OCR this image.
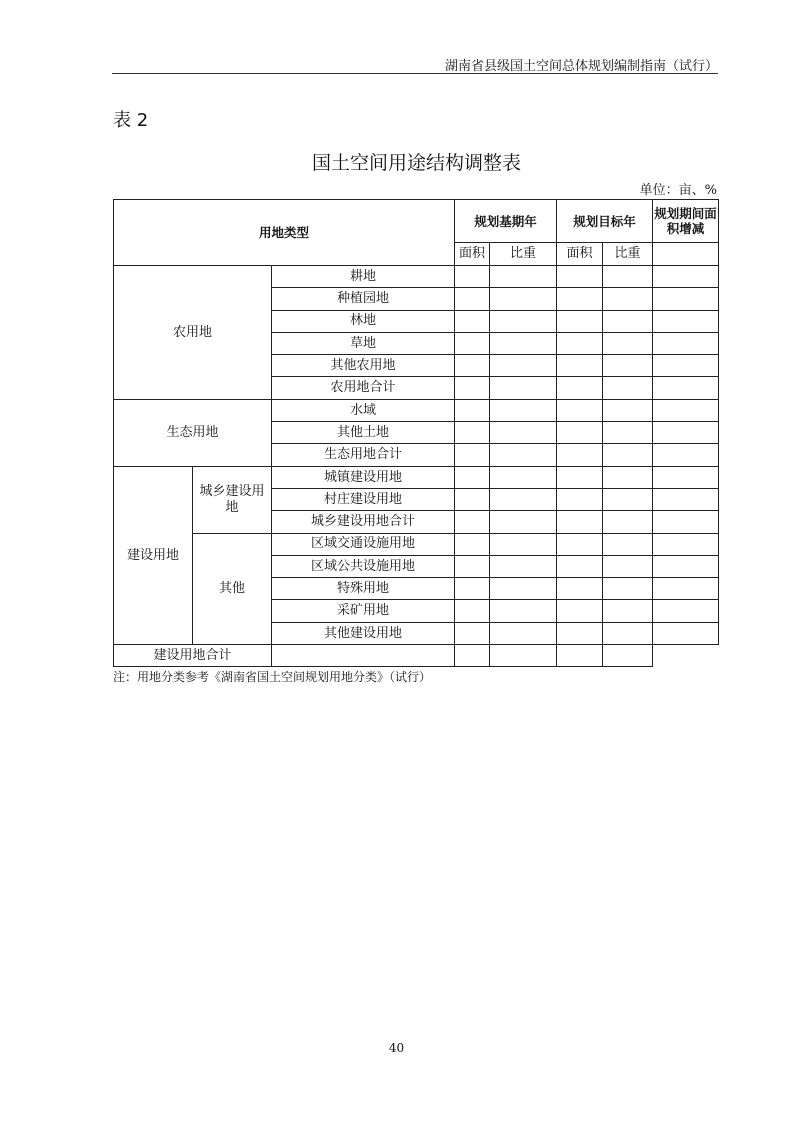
湖南省县级国土空间总体规划编制指南（试行）
表 2
国土空间用途结构调整表
单位：亩、%
用地类型			规划基期年		规划目标年		规划期间面积增减
			面积	比重	面积	比重	
农用地		耕地					
		种植园地					
		林地					
		草地					
		其他农用地					
		农用地合计					
生态用地		水域					
		其他土地					
		生态用地合计					
建设用地	城乡建设用地	城镇建设用地					
		村庄建设用地					
		城乡建设用地合计					
	其他	区域交通设施用地					
		区域公共设施用地					
		特殊用地					
		采矿用地					
		其他建设用地					
建设用地合计							
注：用地分类参考《湖南省国土空间规划用地分类》（试行）
40
